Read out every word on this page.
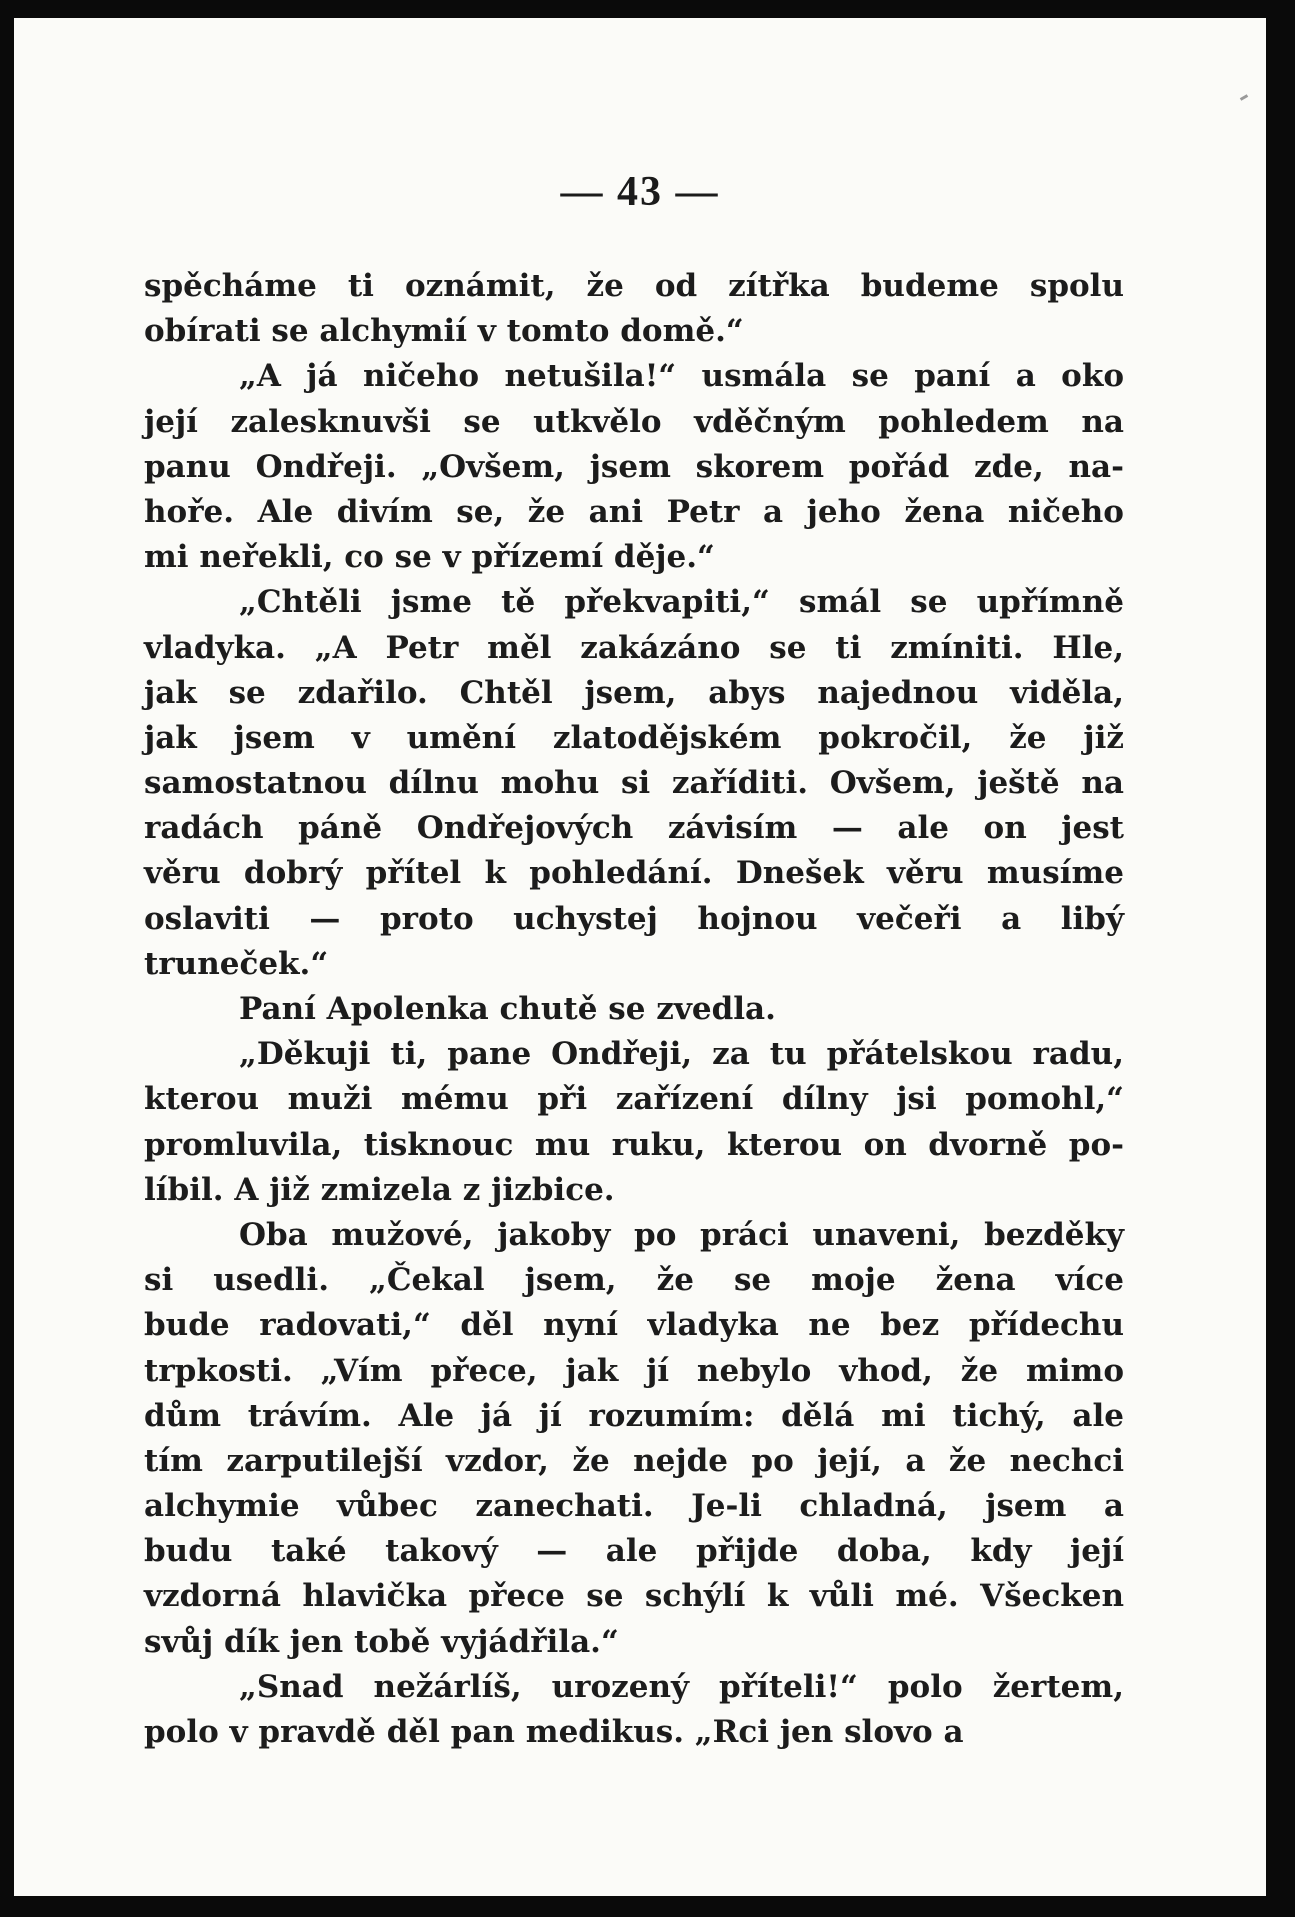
— 43 —
spěcháme ti oznámit, že od zítřka budeme spolu
obírati se alchymií v tomto domě.“
„A já ničeho netušila!“ usmála se paní a oko
její zalesknuvši se utkvělo vděčným pohledem na
panu Ondřeji. „Ovšem, jsem skorem pořád zde, na-
hoře. Ale divím se, že ani Petr a jeho žena ničeho
mi neřekli, co se v přízemí děje.“
„Chtěli jsme tě překvapiti,“ smál se upřímně
vladyka. „A Petr měl zakázáno se ti zmíniti. Hle,
jak se zdařilo. Chtěl jsem, abys najednou viděla,
jak jsem v umění zlatodějském pokročil, že již
samostatnou dílnu mohu si zaříditi. Ovšem, ještě na
radách páně Ondřejových závisím — ale on jest
věru dobrý přítel k pohledání. Dnešek věru musíme
oslaviti — proto uchystej hojnou večeři a libý
truneček.“
Paní Apolenka chutě se zvedla.
„Děkuji ti, pane Ondřeji, za tu přátelskou radu,
kterou muži mému při zařízení dílny jsi pomohl,“
promluvila, tisknouc mu ruku, kterou on dvorně po-
líbil. A již zmizela z jizbice.
Oba mužové, jakoby po práci unaveni, bezděky
si usedli. „Čekal jsem, že se moje žena více
bude radovati,“ děl nyní vladyka ne bez přídechu
trpkosti. „Vím přece, jak jí nebylo vhod, že mimo
dům trávím. Ale já jí rozumím: dělá mi tichý, ale
tím zarputilejší vzdor, že nejde po její, a že nechci
alchymie vůbec zanechati. Je-li chladná, jsem a
budu také takový — ale přijde doba, kdy její
vzdorná hlavička přece se schýlí k vůli mé. Všecken
svůj dík jen tobě vyjádřila.“
„Snad nežárlíš, urozený příteli!“ polo žertem,
polo v pravdě děl pan medikus. „Rci jen slovo a
